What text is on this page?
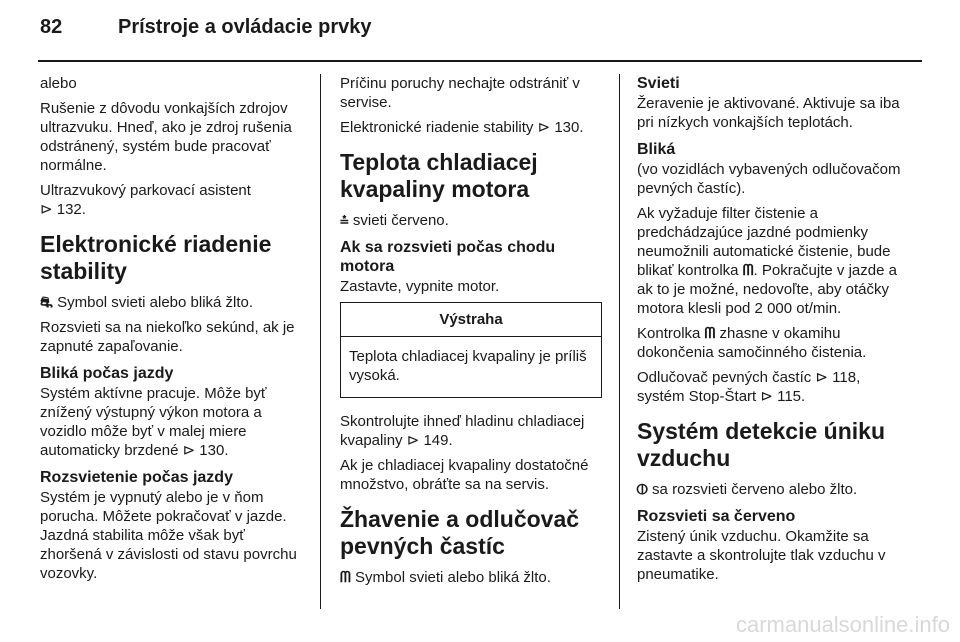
82	Prístroje a ovládacie prvky

alebo

Rušenie z dôvodu vonkajších zdrojov ultrazvuku. Hneď, ako je zdroj rušenia odstránený, systém bude pracovať normálne.

Ultrazvukový parkovací asistent
⊳ 132.

Elektronické riadenie stability

⛐ Symbol svieti alebo bliká žlto.

Rozsvieti sa na niekoľko sekúnd, ak je zapnuté zapaľovanie.

Bliká počas jazdy

Systém aktívne pracuje. Môže byť znížený výstupný výkon motora a vozidlo môže byť v malej miere automaticky brzdené ⊳ 130.

Rozsvietenie počas jazdy

Systém je vypnutý alebo je v ňom porucha. Môžete pokračovať v jazde. Jazdná stabilita môže však byť zhoršená v závislosti od stavu povrchu vozovky.

Príčinu poruchy nechajte odstrániť v servise.

Elektronické riadenie stability ⊳ 130.

Teplota chladiacej kvapaliny motora

⩮ svieti červeno.

Ak sa rozsvieti počas chodu motora

Zastavte, vypnite motor.

Výstraha
Teplota chladiacej kvapaliny je príliš vysoká.

Skontrolujte ihneď hladinu chladiacej kvapaliny ⊳ 149.

Ak je chladiacej kvapaliny dostatočné množstvo, obráťte sa na servis.

Žhavenie a odlučovač pevných častíc

ᗰ Symbol svieti alebo bliká žlto.

Svieti

Žeravenie je aktivované. Aktivuje sa iba pri nízkych vonkajších teplotách.

Bliká

(vo vozidlách vybavených odlučovačom pevných častíc).

Ak vyžaduje filter čistenie a predchádzajúce jazdné podmienky neumožnili automatické čistenie, bude blikať kontrolka ᗰ. Pokračujte v jazde a ak to je možné, nedovoľte, aby otáčky motora klesli pod 2 000 ot/min.

Kontrolka ᗰ zhasne v okamihu dokončenia samočinného čistenia.

Odlučovač pevných častíc ⊳ 118,
systém Stop-Štart ⊳ 115.

Systém detekcie úniku vzduchu

⦶ sa rozsvieti červeno alebo žlto.

Rozsvieti sa červeno

Zistený únik vzduchu. Okamžite sa zastavte a skontrolujte tlak vzduchu v pneumatike.

carmanualsonline.info
